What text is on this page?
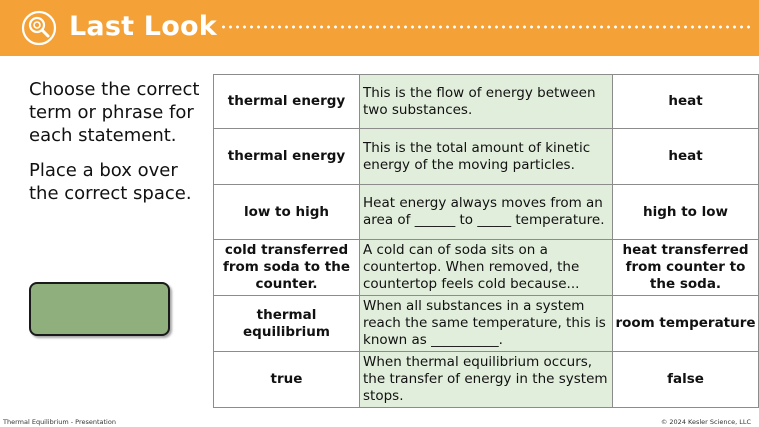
Last Look

Choose the correct term or phrase for each statement.

Place a box over the correct space.

thermal energy	This is the flow of energy between two substances.	heat
thermal energy	This is the total amount of kinetic energy of the moving particles.	heat
low to high	Heat energy always moves from an area of ______ to _____ temperature.	high to low
cold transferred from soda to the counter.	A cold can of soda sits on a countertop. When removed, the countertop feels cold because...	heat transferred from counter to the soda.
thermal equilibrium	When all substances in a system reach the same temperature, this is known as __________.	room temperature
true	When thermal equilibrium occurs, the transfer of energy in the system stops.	false
Thermal Equilibrium - Presentation	© 2024 Kesler Science, LLC
